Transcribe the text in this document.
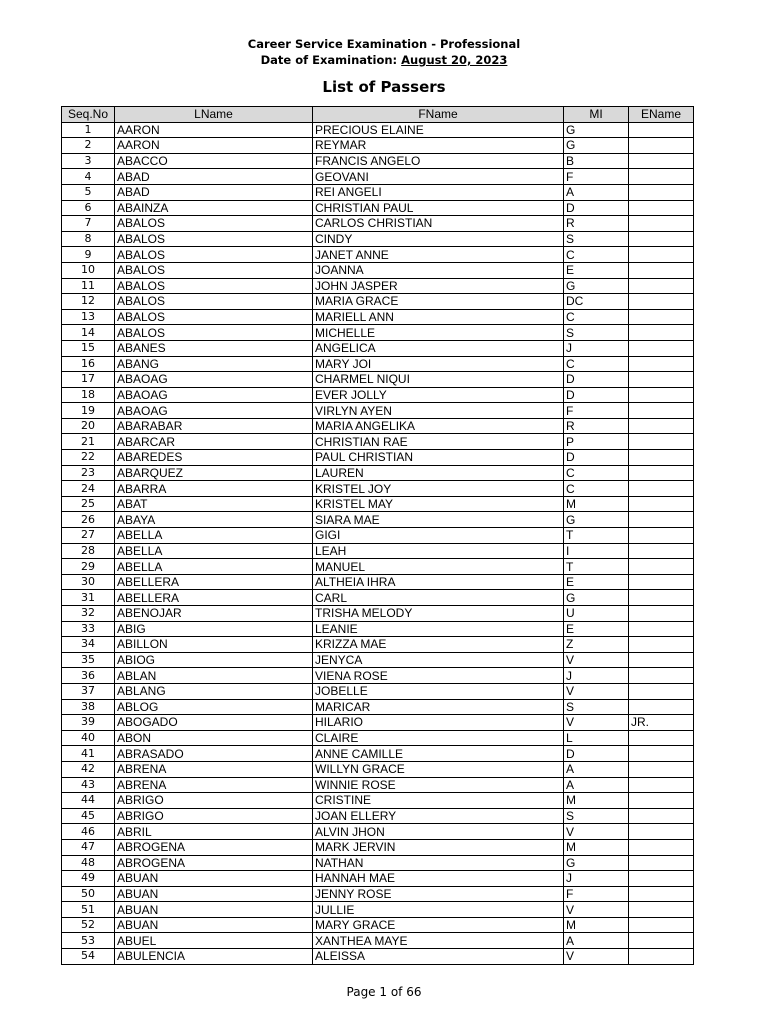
Career Service Examination - Professional
Date of Examination: August 20, 2023
List of Passers
Seq.No	LName	FName	MI	EName
1	AARON	PRECIOUS ELAINE	G	
2	AARON	REYMAR	G	
3	ABACCO	FRANCIS ANGELO	B	
4	ABAD	GEOVANI	F	
5	ABAD	REI ANGELI	A	
6	ABAINZA	CHRISTIAN PAUL	D	
7	ABALOS	CARLOS CHRISTIAN	R	
8	ABALOS	CINDY	S	
9	ABALOS	JANET ANNE	C	
10	ABALOS	JOANNA	E	
11	ABALOS	JOHN JASPER	G	
12	ABALOS	MARIA GRACE	DC	
13	ABALOS	MARIELL ANN	C	
14	ABALOS	MICHELLE	S	
15	ABANES	ANGELICA	J	
16	ABANG	MARY JOI	C	
17	ABAOAG	CHARMEL NIQUI	D	
18	ABAOAG	EVER JOLLY	D	
19	ABAOAG	VIRLYN AYEN	F	
20	ABARABAR	MARIA ANGELIKA	R	
21	ABARCAR	CHRISTIAN RAE	P	
22	ABAREDES	PAUL CHRISTIAN	D	
23	ABARQUEZ	LAUREN	C	
24	ABARRA	KRISTEL JOY	C	
25	ABAT	KRISTEL MAY	M	
26	ABAYA	SIARA MAE	G	
27	ABELLA	GIGI	T	
28	ABELLA	LEAH	I	
29	ABELLA	MANUEL	T	
30	ABELLERA	ALTHEIA IHRA	E	
31	ABELLERA	CARL	G	
32	ABENOJAR	TRISHA MELODY	U	
33	ABIG	LEANIE	E	
34	ABILLON	KRIZZA MAE	Z	
35	ABIOG	JENYCA	V	
36	ABLAN	VIENA ROSE	J	
37	ABLANG	JOBELLE	V	
38	ABLOG	MARICAR	S	
39	ABOGADO	HILARIO	V	JR.
40	ABON	CLAIRE	L	
41	ABRASADO	ANNE CAMILLE	D	
42	ABRENA	WILLYN GRACE	A	
43	ABRENA	WINNIE ROSE	A	
44	ABRIGO	CRISTINE	M	
45	ABRIGO	JOAN ELLERY	S	
46	ABRIL	ALVIN JHON	V	
47	ABROGENA	MARK JERVIN	M	
48	ABROGENA	NATHAN	G	
49	ABUAN	HANNAH MAE	J	
50	ABUAN	JENNY ROSE	F	
51	ABUAN	JULLIE	V	
52	ABUAN	MARY GRACE	M	
53	ABUEL	XANTHEA MAYE	A	
54	ABULENCIA	ALEISSA	V	
Page 1 of 66
